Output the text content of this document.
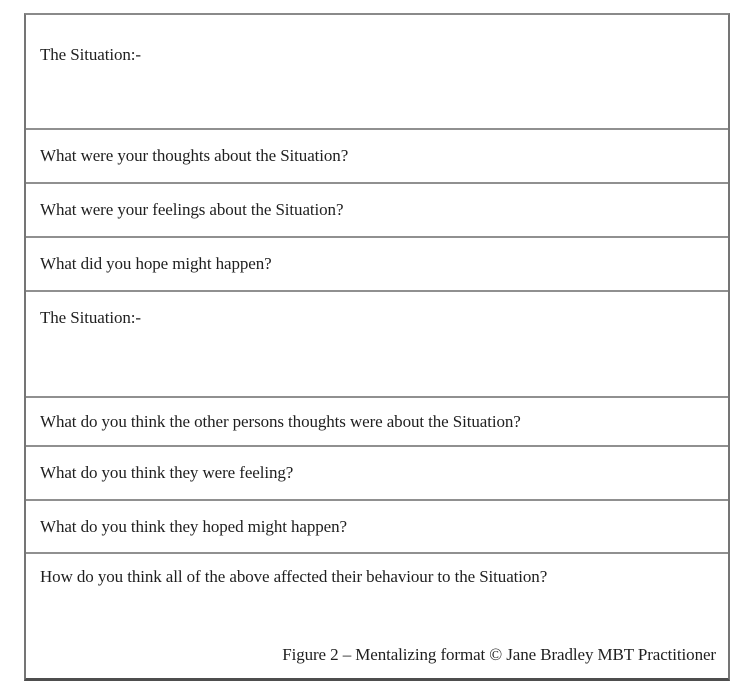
The Situation:-
What were your thoughts about the Situation?
What were your feelings about the Situation?
What did you hope might happen?
The Situation:-
What do you think the other persons thoughts were about the Situation?
What do you think they were feeling?
What do you think they hoped might happen?
How do you think all of the above affected their behaviour to the Situation?
Figure 2 – Mentalizing format © Jane Bradley MBT Practitioner
